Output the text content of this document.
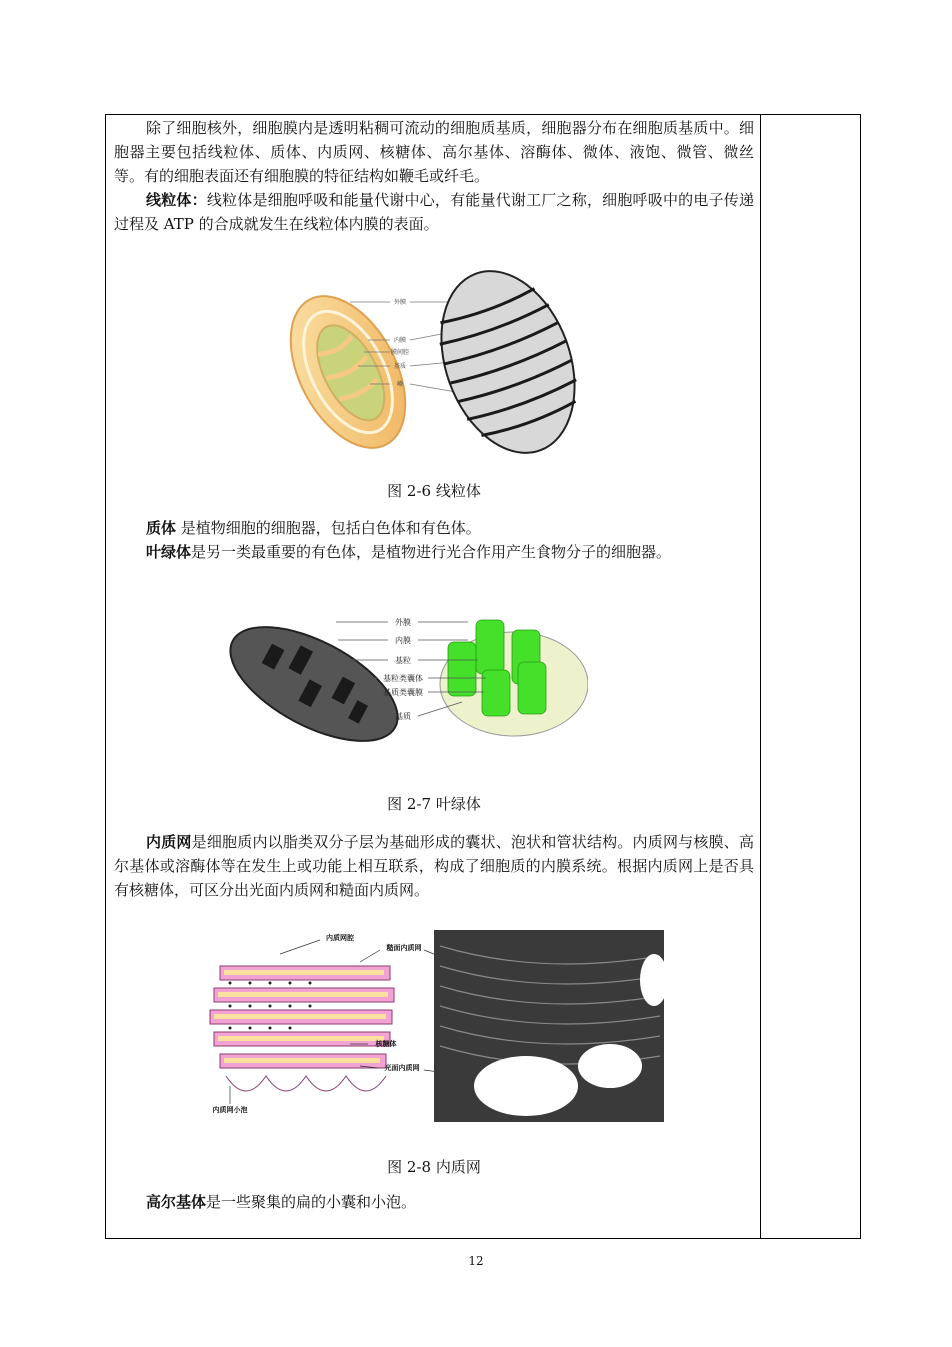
除了细胞核外，细胞膜内是透明粘稠可流动的细胞质基质，细胞器分布在细胞质基质中。细胞器主要包括线粒体、质体、内质网、核糖体、高尔基体、溶酶体、微体、液饱、微管、微丝等。有的细胞表面还有细胞膜的特征结构如鞭毛或纤毛。

线粒体：线粒体是细胞呼吸和能量代谢中心，有能量代谢工厂之称，细胞呼吸中的电子传递过程及 ATP 的合成就发生在线粒体内膜的表面。

外膜
内膜
膜间腔
基质
嵴
图 2-6 线粒体

质体 是植物细胞的细胞器，包括白色体和有色体。

叶绿体是另一类最重要的有色体，是植物进行光合作用产生食物分子的细胞器。

外膜
内膜
基粒
基粒类囊体
基质类囊膜
基质
图 2-7 叶绿体

内质网是细胞质内以脂类双分子层为基础形成的囊状、泡状和管状结构。内质网与核膜、高尔基体或溶酶体等在发生上或功能上相互联系，构成了细胞质的内膜系统。根据内质网上是否具有核糖体，可区分出光面内质网和糙面内质网。

内质网腔
糙面内质网
核糖体
光面内质网
内质网小泡
图 2-8 内质网

高尔基体是一些聚集的扁的小囊和小泡。

12
